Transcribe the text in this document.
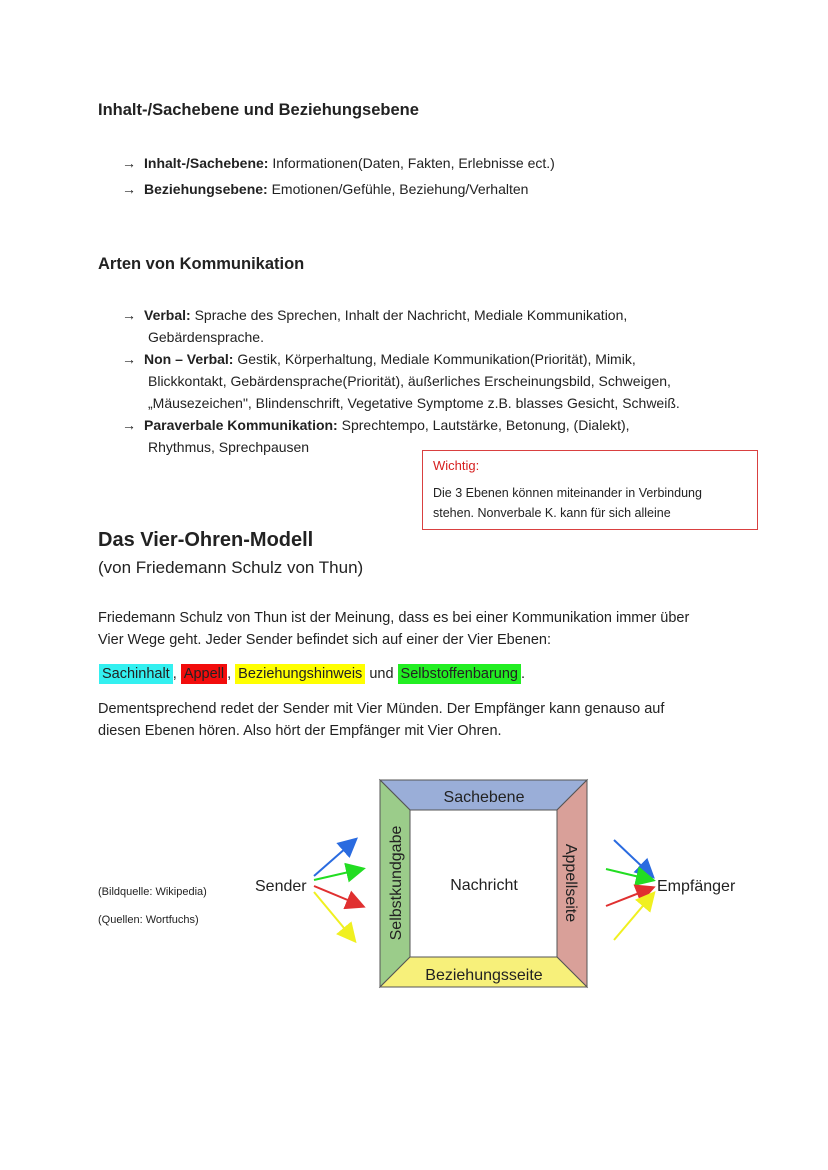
Inhalt-/Sachebene und Beziehungsebene
→ Inhalt-/Sachebene: Informationen(Daten, Fakten, Erlebnisse ect.)
→ Beziehungsebene: Emotionen/Gefühle, Beziehung/Verhalten
Arten von Kommunikation
→ Verbal: Sprache des Sprechen, Inhalt der Nachricht, Mediale Kommunikation,
Gebärdensprache.
→ Non – Verbal: Gestik, Körperhaltung, Mediale Kommunikation(Priorität), Mimik,
Blickkontakt, Gebärdensprache(Priorität), äußerliches Erscheinungsbild, Schweigen,
„Mäusezeichen", Blindenschrift, Vegetative Symptome z.B. blasses Gesicht, Schweiß.
→ Paraverbale Kommunikation: Sprechtempo, Lautstärke, Betonung, (Dialekt),
Rhythmus, Sprechpausen
Wichtig:
Die 3 Ebenen können miteinander in Verbindung
stehen. Nonverbale K. kann für sich alleine
Das Vier-Ohren-Modell
(von Friedemann Schulz von Thun)
Friedemann Schulz von Thun ist der Meinung, dass es bei einer Kommunikation immer über
Vier Wege geht. Jeder Sender befindet sich auf einer der Vier Ebenen:
Sachinhalt , Appell , Beziehungshinweis und Selbstoffenbarung .
Dementsprechend redet der Sender mit Vier Münden. Der Empfänger kann genauso auf
diesen Ebenen hören. Also hört der Empfänger mit Vier Ohren.
(Bildquelle: Wikipedia)
(Quellen: Wortfuchs)
Sachebene
Beziehungsseite
Selbstkundgabe	Appellseite
Nachricht
Sender	Empfänger
